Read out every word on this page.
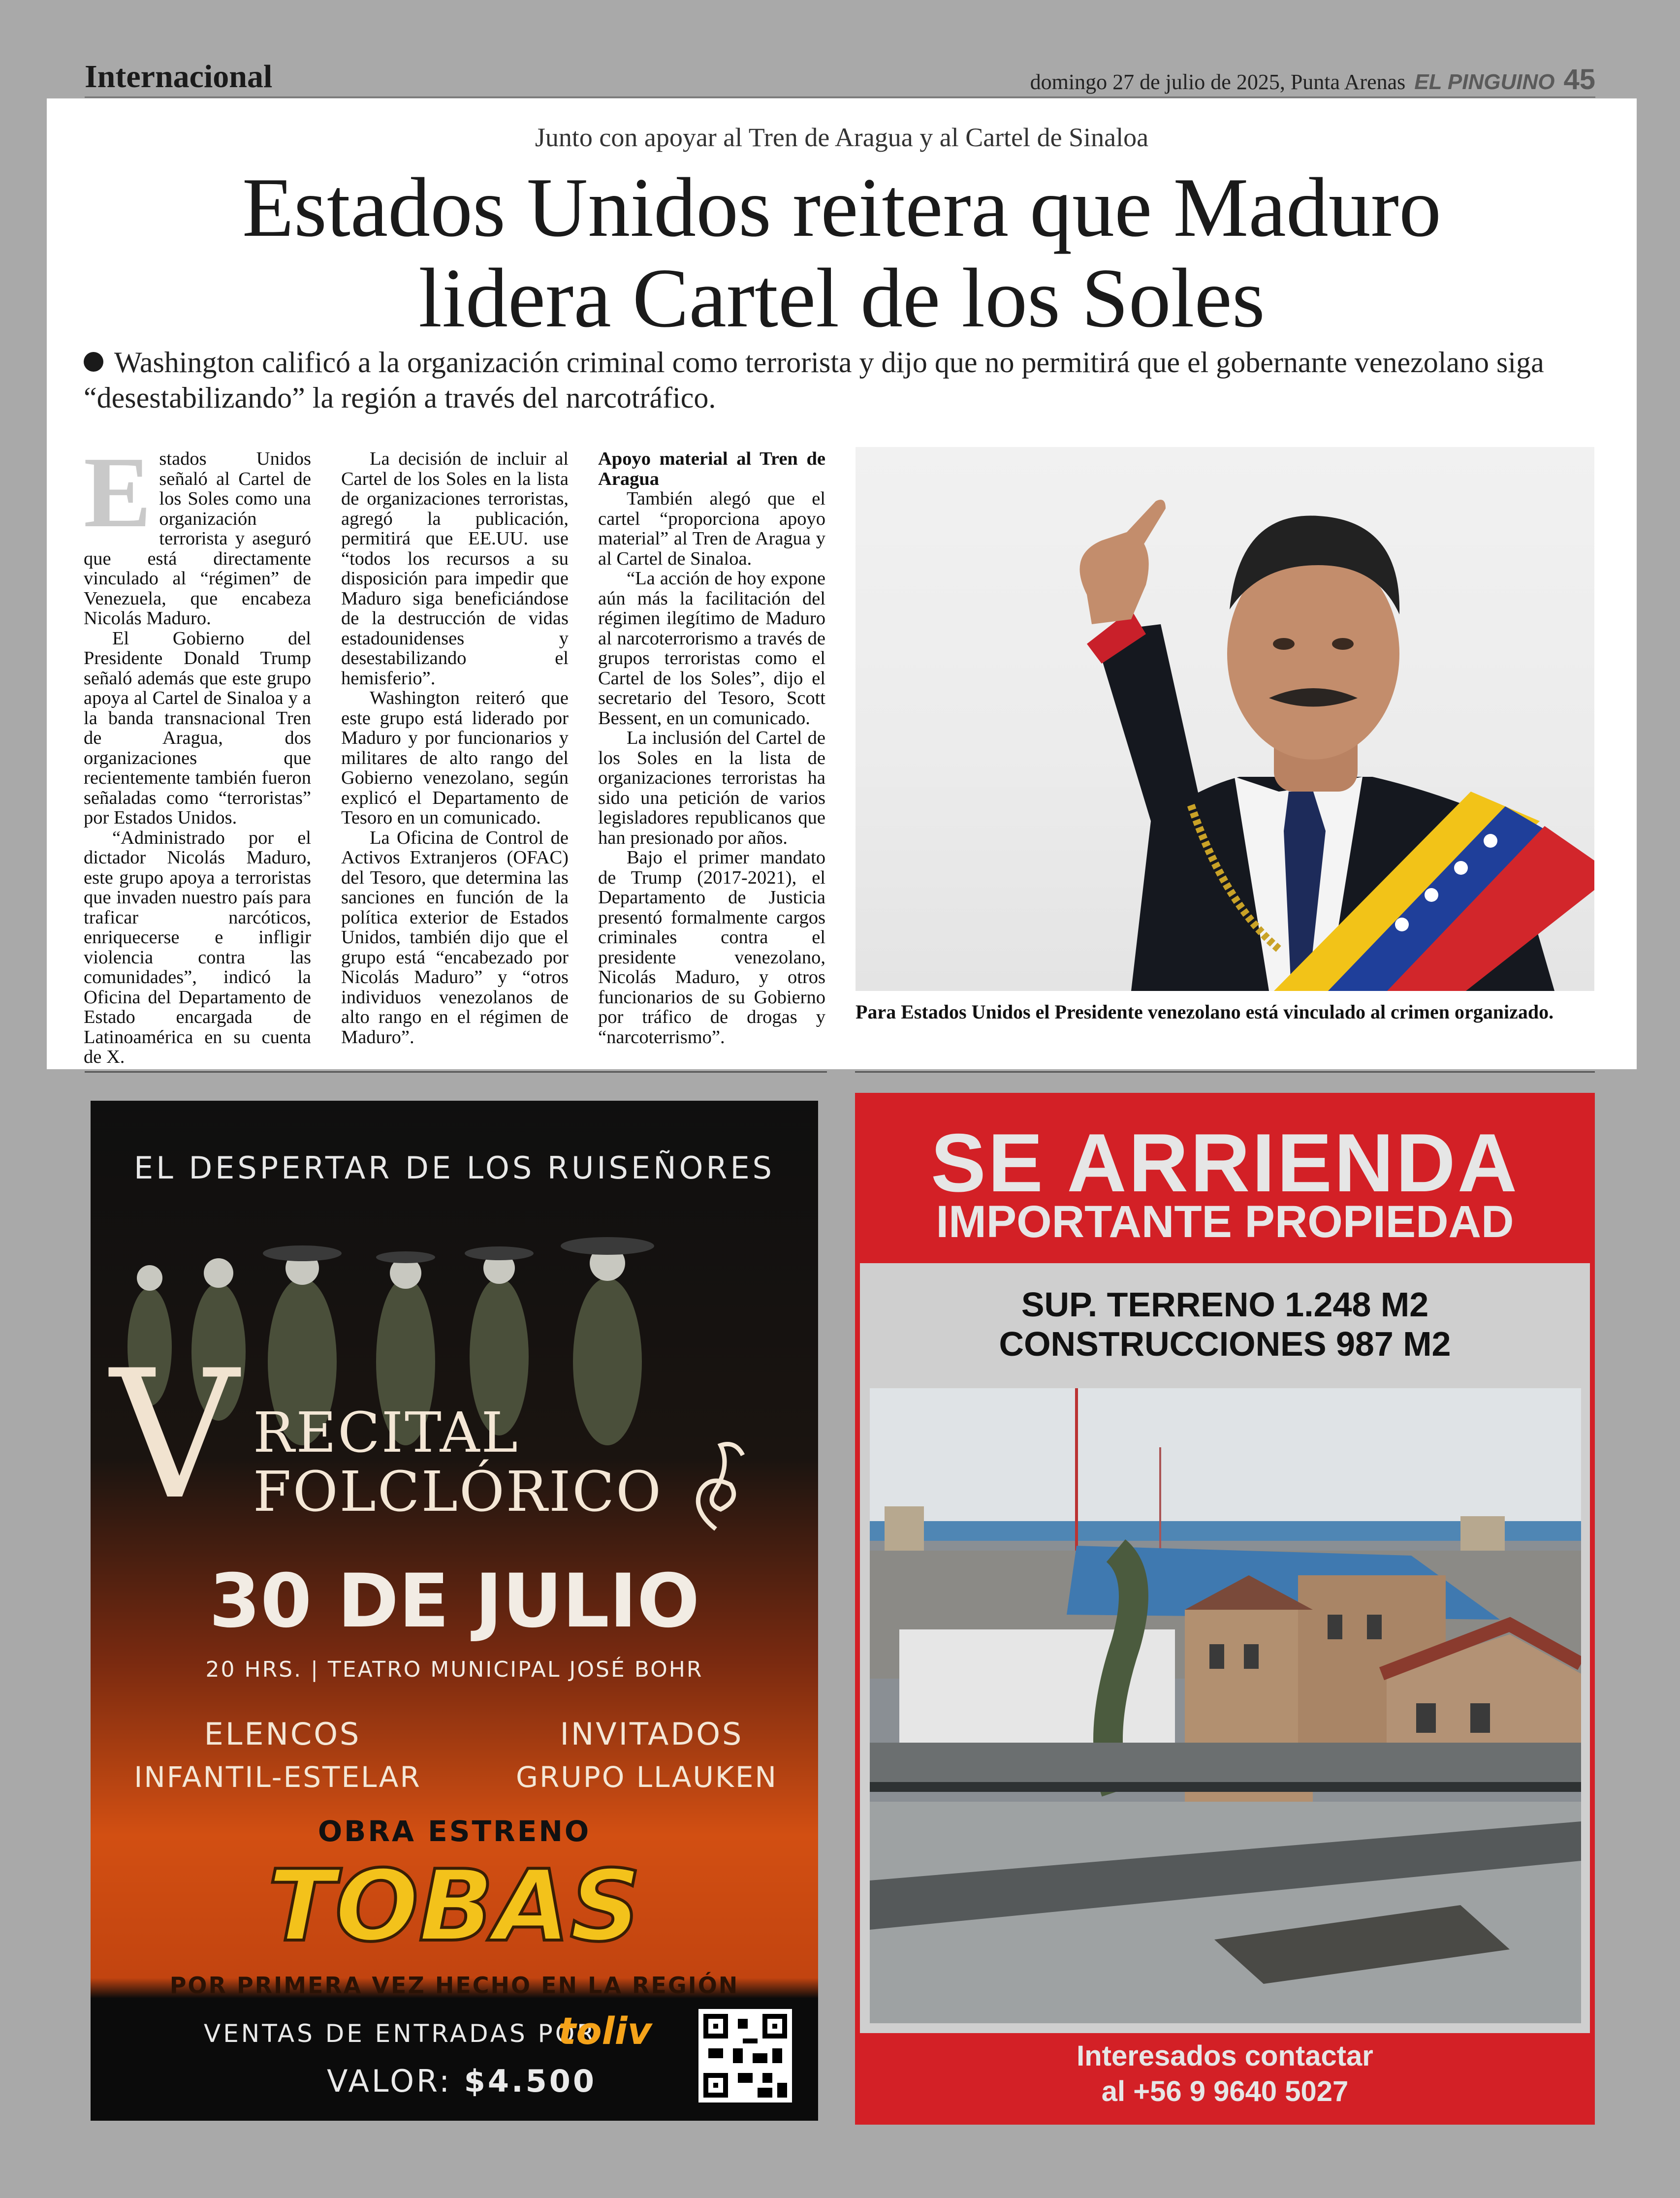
Internacional	domingo 27 de julio de 2025, Punta Arenas EL PINGUINO 45
Junto con apoyar al Tren de Aragua y al Cartel de Sinaloa
Estados Unidos reitera que Maduro
lidera Cartel de los Soles
Washington calificó a la organización criminal como terrorista y dijo que no permitirá que el gobernante venezolano siga “desestabilizando” la región a través del narcotráfico.
E stados Unidos señaló al Cartel de los Soles como una organización terrorista y aseguró que está directamente vinculado al “régimen” de Venezuela, que encabeza Nicolás Maduro.

El Gobierno del Presidente Donald Trump señaló además que este grupo apoya al Cartel de Sinaloa y a la banda transnacional Tren de Aragua, dos organizaciones que recientemente también fueron señaladas como “terroristas” por Estados Unidos.

“Administrado por el dictador Nicolás Maduro, este grupo apoya a terroristas que invaden nuestro país para traficar narcóticos, enriquecerse e infligir violencia contra las comunidades”, indicó la Oficina del Departamento de Estado encargada de Latinoamérica en su cuenta de X.

La decisión de incluir al Cartel de los Soles en la lista de organizaciones terroristas, agregó la publicación, permitirá que EE.UU. use “todos los recursos a su disposición para impedir que Maduro siga beneficiándose de la destrucción de vidas estadounidenses y desestabilizando el hemisferio”.

Washington reiteró que este grupo está liderado por Maduro y por funcionarios y militares de alto rango del Gobierno venezolano, según explicó el Departamento de Tesoro en un comunicado.

La Oficina de Control de Activos Extranjeros (OFAC) del Tesoro, que determina las sanciones en función de la política exterior de Estados Unidos, también dijo que el grupo está “encabezado por Nicolás Maduro” y “otros individuos venezolanos de alto rango en el régimen de Maduro”.

Apoyo material al Tren de Aragua

También alegó que el cartel “proporciona apoyo material” al Tren de Aragua y al Cartel de Sinaloa.

“La acción de hoy expone aún más la facilitación del régimen ilegítimo de Maduro al narcoterrorismo a través de grupos terroristas como el Cartel de los Soles”, dijo el secretario del Tesoro, Scott Bessent, en un comunicado.

La inclusión del Cartel de los Soles en la lista de organizaciones terroristas ha sido una petición de varios legisladores republicanos que han presionado por años.

Bajo el primer mandato de Trump (2017-2021), el Departamento de Justicia presentó formalmente cargos criminales contra el presidente venezolano, Nicolás Maduro, y otros funcionarios de su Gobierno por tráfico de drogas y “narcoterrismo”.

Para Estados Unidos el Presidente venezolano está vinculado al crimen organizado.
EL DESPERTAR DE LOS RUISEÑORES
V RECITAL
FOLCLÓRICO
30 DE JULIO
20 HRS. | TEATRO MUNICIPAL JOSÉ BOHR
ELENCOS
INFANTIL-ESTELAR
INVITADOS
GRUPO LLAUKEN
OBRA ESTRENO
TOBAS
POR PRIMERA VEZ HECHO EN LA REGIÓN
VENTAS DE ENTRADAS POR
toliv
VALOR: $4.500
SE ARRIENDA
IMPORTANTE PROPIEDAD
SUP. TERRENO 1.248 M2
CONSTRUCCIONES 987 M2
Interesados contactar
al +56 9 9640 5027
